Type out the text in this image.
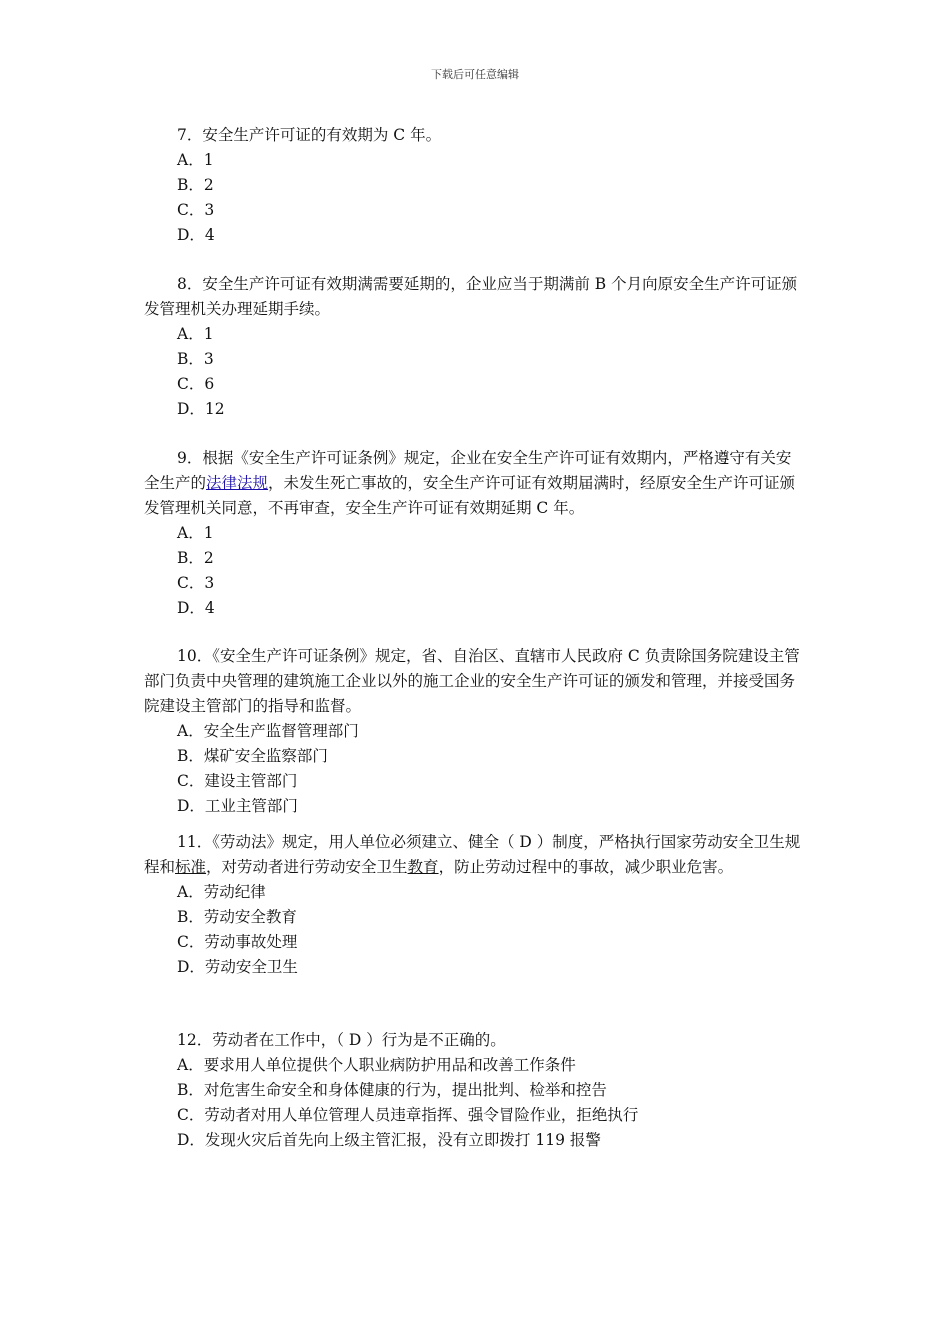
下载后可任意编辑
7．安全生产许可证的有效期为 C 年。
A．1
B．2
C．3
D．4
8．安全生产许可证有效期满需要延期的，企业应当于期满前 B 个月向原安全生产许可证颁发管理机关办理延期手续。
A．1
B．3
C．6
D．12
9．根据《安全生产许可证条例》规定，企业在安全生产许可证有效期内，严格遵守有关安全生产的法律法规，未发生死亡事故的，安全生产许可证有效期届满时，经原安全生产许可证颁发管理机关同意，不再审查，安全生产许可证有效期延期 C 年。
A．1
B．2
C．3
D．4
10．《安全生产许可证条例》规定，省、自治区、直辖市人民政府 C 负责除国务院建设主管部门负责中央管理的建筑施工企业以外的施工企业的安全生产许可证的颁发和管理，并接受国务院建设主管部门的指导和监督。
A．安全生产监督管理部门
B．煤矿安全监察部门
C．建设主管部门
D．工业主管部门
11．《劳动法》规定，用人单位必须建立、健全（ D ）制度，严格执行国家劳动安全卫生规程和标准，对劳动者进行劳动安全卫生教育，防止劳动过程中的事故，减少职业危害。
A．劳动纪律
B．劳动安全教育
C．劳动事故处理
D．劳动安全卫生
12．劳动者在工作中，（ D ）行为是不正确的。
A．要求用人单位提供个人职业病防护用品和改善工作条件
B．对危害生命安全和身体健康的行为，提出批判、检举和控告
C．劳动者对用人单位管理人员违章指挥、强令冒险作业，拒绝执行
D．发现火灾后首先向上级主管汇报，没有立即拨打 119 报警
